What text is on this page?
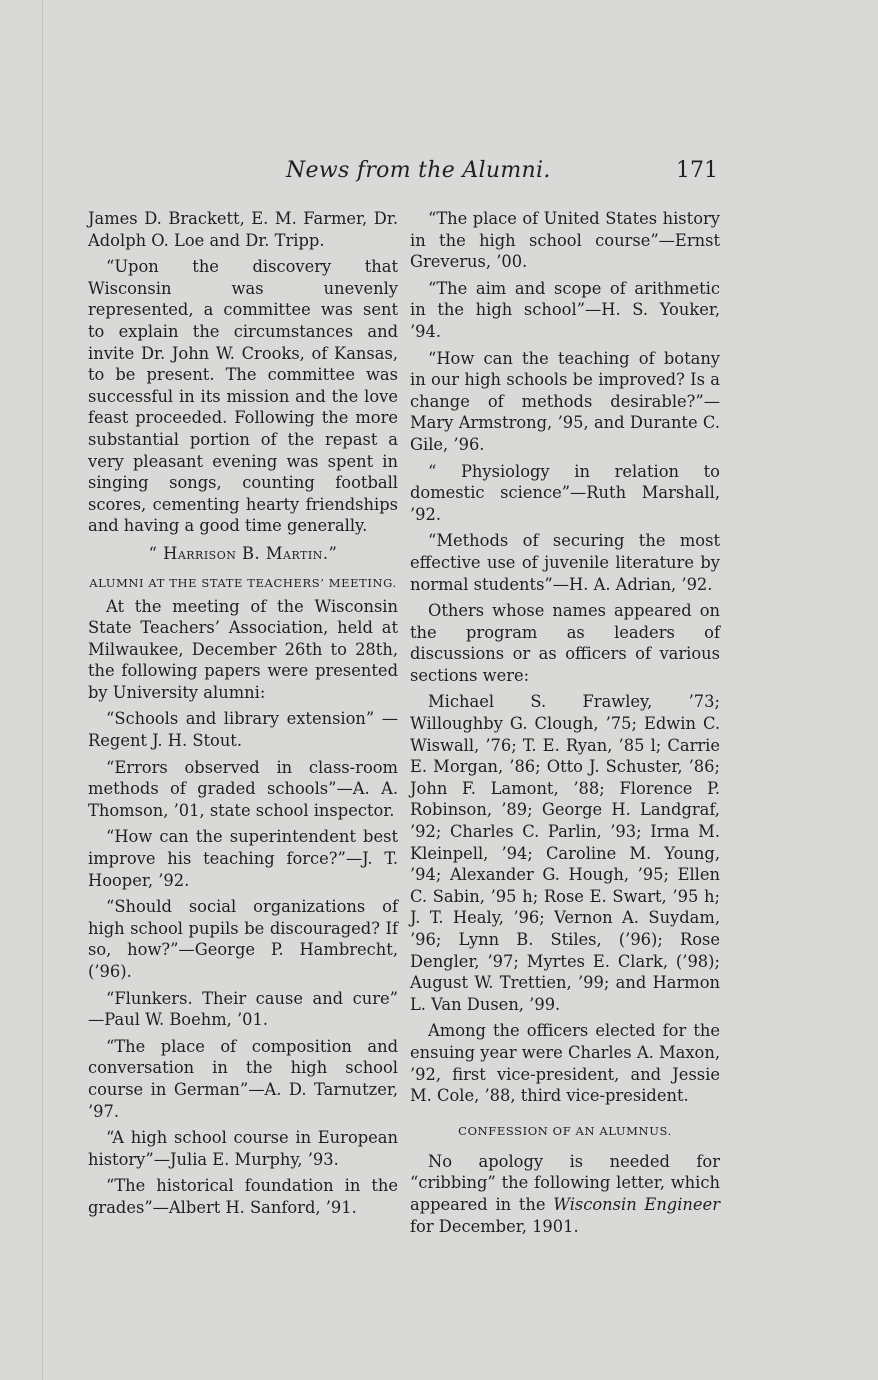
News from the Alumni.	171

James D. Brackett, E. M. Farmer, Dr. Adolph O. Loe and Dr. Tripp.

“Upon the discovery that Wisconsin was unevenly represented, a committee was sent to explain the circumstances and invite Dr. John W. Crooks, of Kansas, to be present. The committee was successful in its mission and the love feast proceeded. Following the more substantial portion of the repast a very pleasant evening was spent in singing songs, counting football scores, cementing hearty friendships and having a good time generally.

“ Harrison B. Martin.”
ALUMNI AT THE STATE TEACHERS’ MEETING.

At the meeting of the Wisconsin State Teachers’ Association, held at Milwaukee, December 26th to 28th, the following papers were presented by University alumni:

“Schools and library extension” —Regent J. H. Stout.

“Errors observed in class-room methods of graded schools”—A. A. Thomson, ’01, state school inspector.

“How can the superintendent best improve his teaching force?”—J. T. Hooper, ’92.

“Should social organizations of high school pupils be discouraged? If so, how?”—George P. Hambrecht, (’96).

“Flunkers. Their cause and cure” —Paul W. Boehm, ’01.

“The place of composition and conversation in the high school course in German”—A. D. Tarnutzer, ’97.

“A high school course in European history”—Julia E. Murphy, ’93.

“The historical foundation in the grades”—Albert H. Sanford, ’91.

“The place of United States history in the high school course”—Ernst Greverus, ’00.

“The aim and scope of arithmetic in the high school”—H. S. Youker, ’94.

“How can the teaching of botany in our high schools be improved? Is a change of methods desirable?”—Mary Armstrong, ’95, and Durante C. Gile, ’96.

“ Physiology in relation to domestic science”—Ruth Marshall, ’92.

“Methods of securing the most effective use of juvenile literature by normal students”—H. A. Adrian, ’92.

Others whose names appeared on the program as leaders of discussions or as officers of various sections were:

Michael S. Frawley, ’73; Willoughby G. Clough, ’75; Edwin C. Wiswall, ’76; T. E. Ryan, ’85 l; Carrie E. Morgan, ’86; Otto J. Schuster, ’86; John F. Lamont, ’88; Florence P. Robinson, ’89; George H. Landgraf, ’92; Charles C. Parlin, ’93; Irma M. Kleinpell, ’94; Caroline M. Young, ’94; Alexander G. Hough, ’95; Ellen C. Sabin, ’95 h; Rose E. Swart, ’95 h; J. T. Healy, ’96; Vernon A. Suydam, ’96; Lynn B. Stiles, (’96); Rose Dengler, ’97; Myrtes E. Clark, (’98); August W. Trettien, ’99; and Harmon L. Van Dusen, ’99.

Among the officers elected for the ensuing year were Charles A. Maxon, ’92, first vice-president, and Jessie M. Cole, ’88, third vice-president.

CONFESSION OF AN ALUMNUS.

No apology is needed for “cribbing” the following letter, which appeared in the Wisconsin Engineer for December, 1901.
